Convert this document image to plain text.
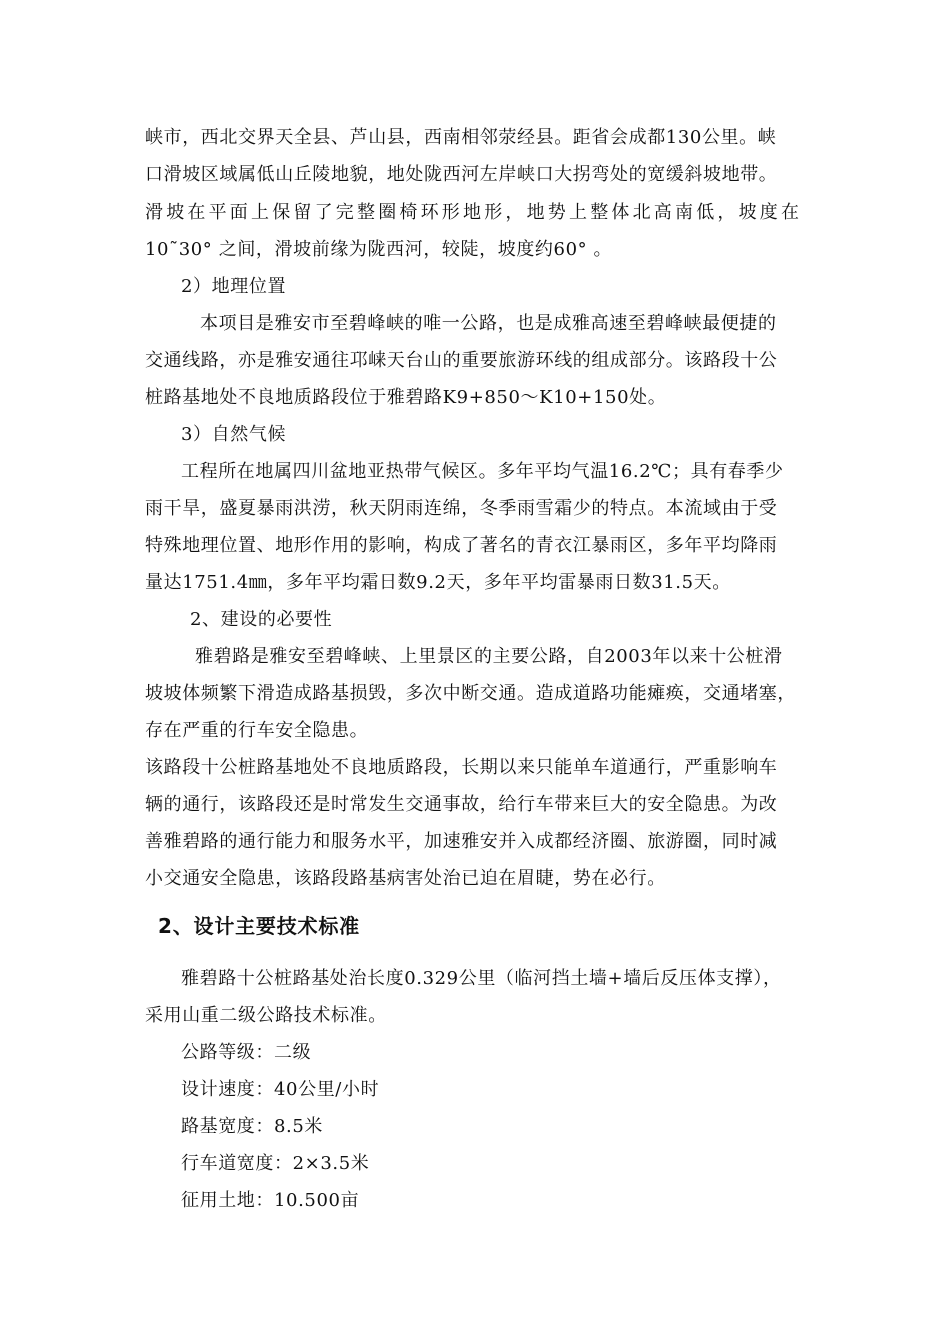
峡市，西北交界天全县、芦山县，西南相邻荥经县。距省会成都130公里。峡
口滑坡区域属低山丘陵地貌，地处陇西河左岸峡口大拐弯处的宽缓斜坡地带。
滑坡在平面上保留了完整圈椅环形地形，地势上整体北高南低，坡度在
10˜30° 之间，滑坡前缘为陇西河，较陡，坡度约60° 。
2）地理位置
本项目是雅安市至碧峰峡的唯一公路，也是成雅高速至碧峰峡最便捷的
交通线路，亦是雅安通往邛崃天台山的重要旅游环线的组成部分。该路段十公
桩路基地处不良地质路段位于雅碧路K9+850～K10+150处。
3）自然气候
工程所在地属四川盆地亚热带气候区。多年平均气温16.2℃；具有春季少
雨干旱，盛夏暴雨洪涝，秋天阴雨连绵，冬季雨雪霜少的特点。本流域由于受
特殊地理位置、地形作用的影响，构成了著名的青衣江暴雨区，多年平均降雨
量达1751.4㎜，多年平均霜日数9.2天，多年平均雷暴雨日数31.5天。
2、建设的必要性
雅碧路是雅安至碧峰峡、上里景区的主要公路，自2003年以来十公桩滑
坡坡体频繁下滑造成路基损毁，多次中断交通。造成道路功能瘫痪，交通堵塞，
存在严重的行车安全隐患。
该路段十公桩路基地处不良地质路段，长期以来只能单车道通行，严重影响车
辆的通行，该路段还是时常发生交通事故，给行车带来巨大的安全隐患。为改
善雅碧路的通行能力和服务水平，加速雅安并入成都经济圈、旅游圈，同时减
小交通安全隐患，该路段路基病害处治已迫在眉睫，势在必行。
2、设计主要技术标准
雅碧路十公桩路基处治长度0.329公里（临河挡土墙+墙后反压体支撑），
采用山重二级公路技术标准。
公路等级：二级
设计速度：40公里/小时
路基宽度：8.5米
行车道宽度：2×3.5米
征用土地：10.500亩
